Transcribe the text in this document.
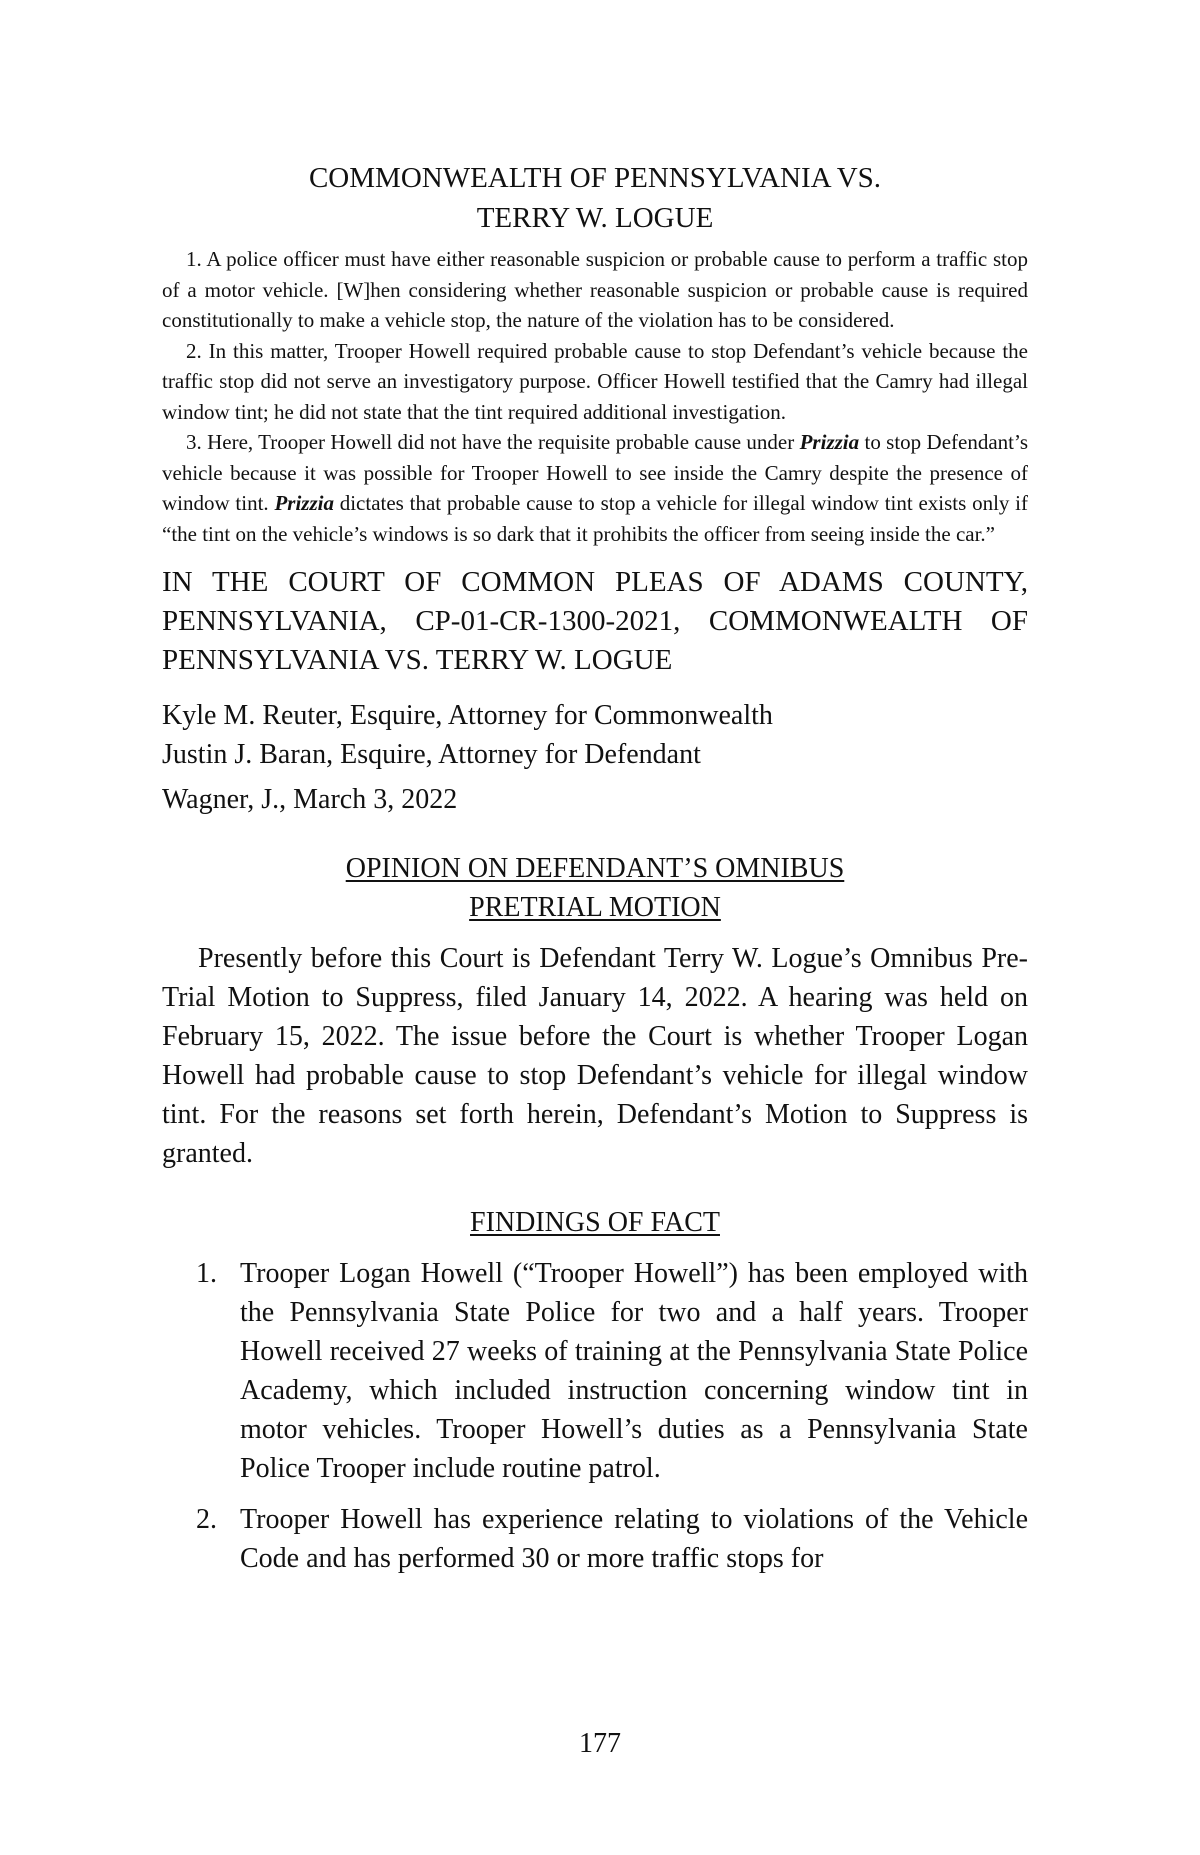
COMMONWEALTH OF PENNSYLVANIA VS.
TERRY W. LOGUE

1. A police officer must have either reasonable suspicion or probable cause to perform a traffic stop of a motor vehicle. [W]hen considering whether reasonable suspicion or probable cause is required constitutionally to make a vehicle stop, the nature of the violation has to be considered.

2. In this matter, Trooper Howell required probable cause to stop Defendant’s vehicle because the traffic stop did not serve an investigatory purpose. Officer Howell testified that the Camry had illegal window tint; he did not state that the tint required additional investigation.

3. Here, Trooper Howell did not have the requisite probable cause under Prizzia to stop Defendant’s vehicle because it was possible for Trooper Howell to see inside the Camry despite the presence of window tint. Prizzia dictates that probable cause to stop a vehicle for illegal window tint exists only if “the tint on the vehicle’s windows is so dark that it prohibits the officer from seeing inside the car.”

IN THE COURT OF COMMON PLEAS OF ADAMS COUNTY, PENNSYLVANIA, CP-01-CR-1300-2021, COMMONWEALTH OF PENNSYLVANIA VS. TERRY W. LOGUE

Kyle M. Reuter, Esquire, Attorney for Commonwealth
Justin J. Baran, Esquire, Attorney for Defendant
Wagner, J., March 3, 2022
OPINION ON DEFENDANT’S OMNIBUS
PRETRIAL MOTION

Presently before this Court is Defendant Terry W. Logue’s Omnibus Pre-Trial Motion to Suppress, filed January 14, 2022. A hearing was held on February 15, 2022. The issue before the Court is whether Trooper Logan Howell had probable cause to stop Defendant’s vehicle for illegal window tint. For the reasons set forth herein, Defendant’s Motion to Suppress is granted.

FINDINGS OF FACT
1. Trooper Logan Howell (“Trooper Howell”) has been employed with the Pennsylvania State Police for two and a half years. Trooper Howell received 27 weeks of training at the Pennsylvania State Police Academy, which included instruction concerning window tint in motor vehicles. Trooper Howell’s duties as a Pennsylvania State Police Trooper include routine patrol.
2. Trooper Howell has experience relating to violations of the Vehicle Code and has performed 30 or more traffic stops for
177
